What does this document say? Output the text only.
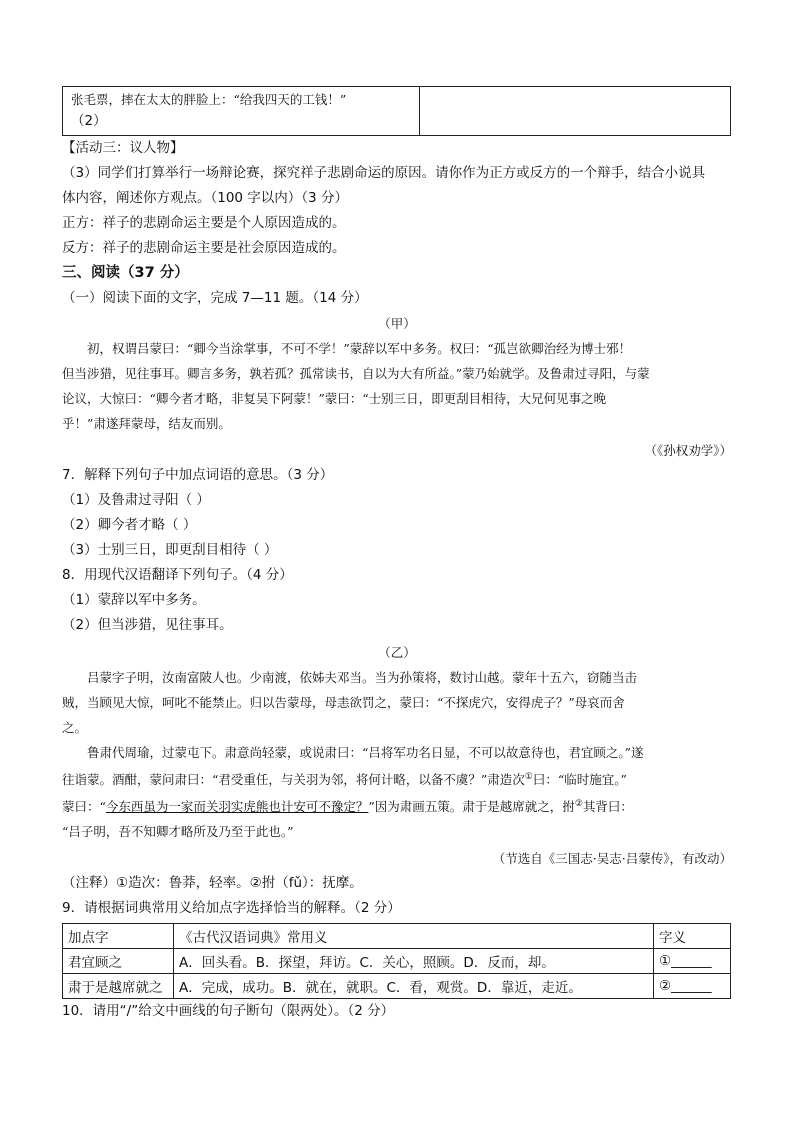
张毛票，摔在太太的胖脸上：“给我四天的工钱！”
（2）

【活动三：议人物】
（3）同学们打算举行一场辩论赛，探究祥子悲剧命运的原因。请你作为正方或反方的一个辩手，结合小说具
体内容，阐述你方观点。（100 字以内）（3 分）
正方：祥子的悲剧命运主要是个人原因造成的。
反方：祥子的悲剧命运主要是社会原因造成的。
三、阅读（37 分）
（一）阅读下面的文字，完成 7—11 题。（14 分）
（甲）
初，权谓吕蒙曰：“卿今当涂掌事，不可不学！”蒙辞以军中多务。权曰：“孤岂欲卿治经为博士邪！
但当涉猎，见往事耳。卿言多务，孰若孤？孤常读书，自以为大有所益。”蒙乃始就学。及鲁肃过寻阳，与蒙
论议，大惊曰：“卿今者才略，非复吴下阿蒙！”蒙曰：“士别三日，即更刮目相待，大兄何见事之晚
乎！”肃遂拜蒙母，结友而别。
（《孙权劝学》）
7．解释下列句子中加点词语的意思。（3 分）
（1）及鲁肃过寻阳（ ）
（2）卿今者才略（ ）
（3）士别三日，即更刮目相待（ ）
8．用现代汉语翻译下列句子。（4 分）
（1）蒙辞以军中多务。
（2）但当涉猎，见往事耳。
（乙）
吕蒙字子明，汝南富陂人也。少南渡，依姊夫邓当。当为孙策将，数讨山越。蒙年十五六，窃随当击
贼，当顾见大惊，呵叱不能禁止。归以告蒙母，母恚欲罚之，蒙曰：“不探虎穴，安得虎子？”母哀而舍
之。
鲁肃代周瑜，过蒙屯下。肃意尚轻蒙，或说肃曰：“吕将军功名日显，不可以故意待也，君宜顾之。”遂
往诣蒙。酒酣，蒙问肃曰：“君受重任，与关羽为邻，将何计略，以备不虞？”肃造次①曰：“临时施宜。”
蒙曰：“今东西虽为一家而关羽实虎熊也计安可不豫定？”因为肃画五策。肃于是越席就之，拊②其背曰：
“吕子明，吾不知卿才略所及乃至于此也。”
（节选自《三国志·吴志·吕蒙传》，有改动）
（注释）①造次：鲁莽，轻率。②拊（fǔ）：抚摩。
9．请根据词典常用义给加点字选择恰当的解释。（2 分）
加点字	《古代汉语词典》常用义	字义
君宜顾之	A．回头看。B．探望，拜访。C．关心，照顾。D．反而，却。	①______
肃于是越席就之	A．完成，成功。B．就在，就职。C．看，观赏。D．靠近，走近。	②______
10．请用“/”给文中画线的句子断句（限两处）。（2 分）
